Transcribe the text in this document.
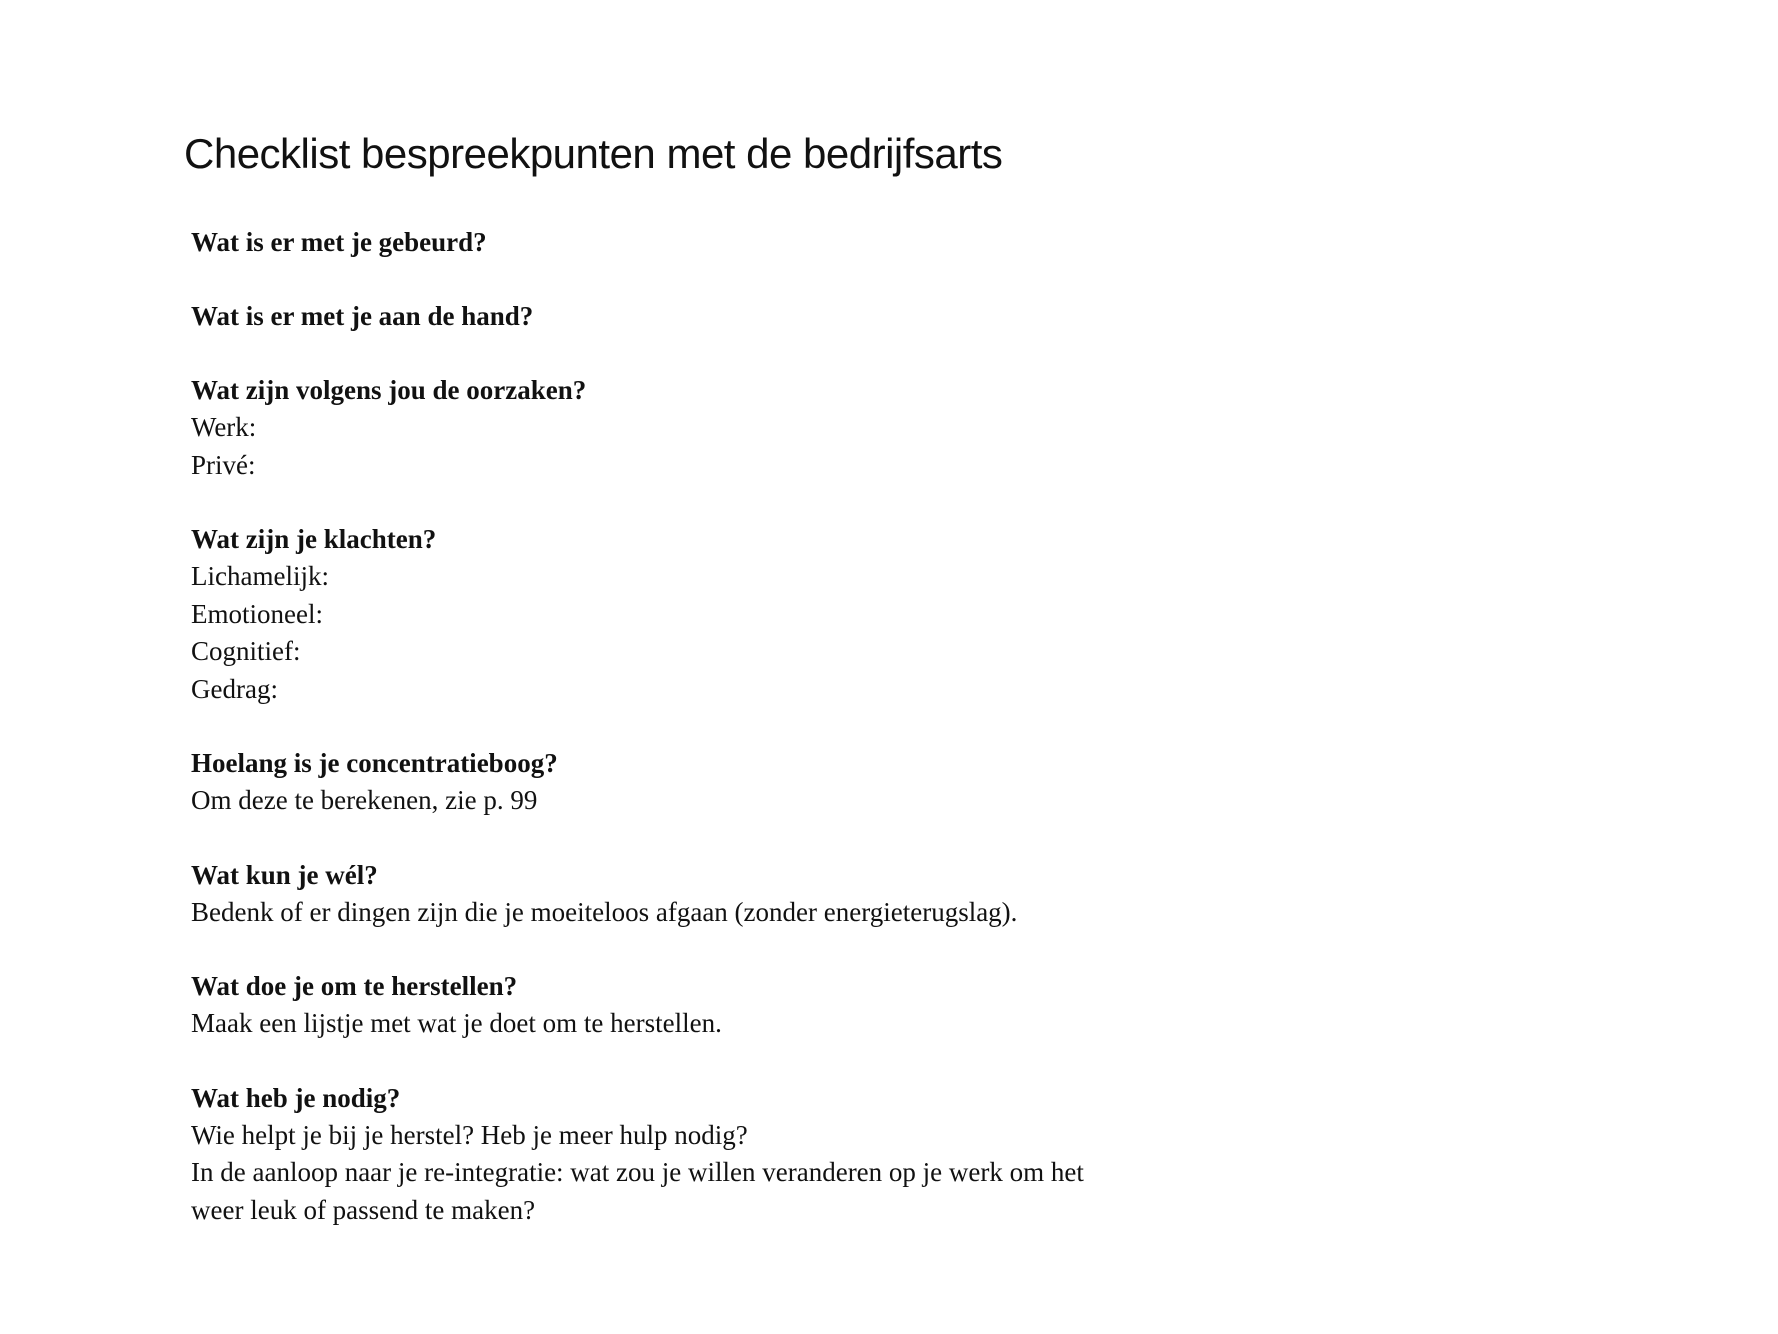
Checklist bespreekpunten met de bedrijfsarts

Wat is er met je gebeurd?

Wat is er met je aan de hand?

Wat zijn volgens jou de oorzaken?

Werk:

Privé:

Wat zijn je klachten?

Lichamelijk:

Emotioneel:

Cognitief:

Gedrag:

Hoelang is je concentratieboog?

Om deze te berekenen, zie p. 99

Wat kun je wél?

Bedenk of er dingen zijn die je moeiteloos afgaan (zonder energieterugslag).

Wat doe je om te herstellen?

Maak een lijstje met wat je doet om te herstellen.

Wat heb je nodig?

Wie helpt je bij je herstel? Heb je meer hulp nodig?

In de aanloop naar je re-integratie: wat zou je willen veranderen op je werk om het

weer leuk of passend te maken?
